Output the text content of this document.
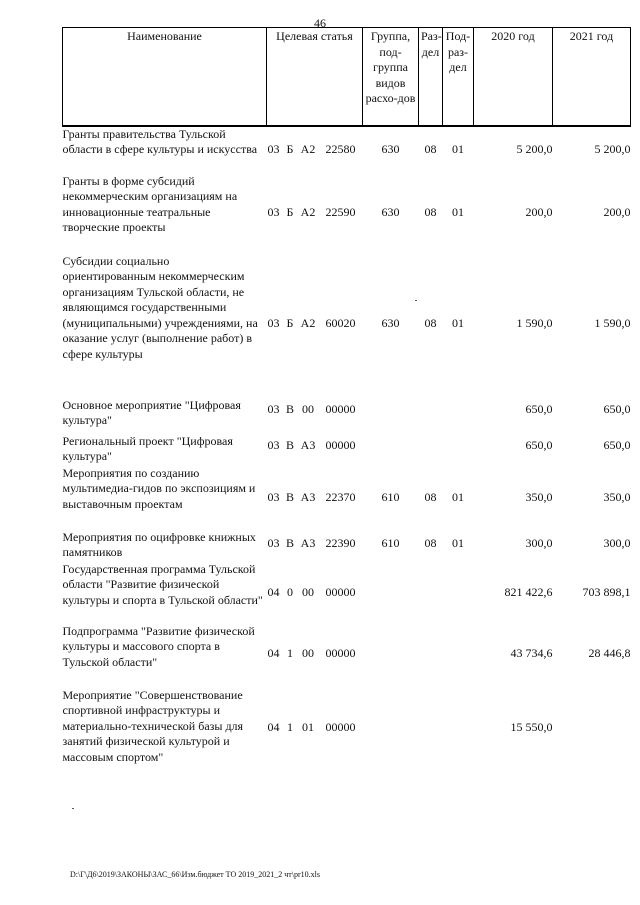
46
Наименование	Целевая статья	Группа, под-группа видов расхо-дов	Раз-дел	Под-раз-дел	2020 год	2021 год
Гранты правительства Тульской области в сфере культуры и искусства	03 Б А2 22580	630	08	01	5 200,0	5 200,0
Гранты в форме субсидий некоммерческим организациям на инновационные театральные творческие проекты	03 Б А2 22590	630	08	01	200,0	200,0
Субсидии социально ориентированным некоммерческим организациям Тульской области, не являющимся государственными (муниципальными) учреждениями, на оказание услуг (выполнение работ) в сфере культуры	03 Б А2 60020	630	08	01	1 590,0	1 590,0
Основное мероприятие "Цифровая культура"	03 В 00 00000				650,0	650,0
Региональный проект "Цифровая культура"	03 В А3 00000				650,0	650,0
Мероприятия по созданию мультимедиа-гидов по экспозициям и выставочным проектам	03 В А3 22370	610	08	01	350,0	350,0
Мероприятия по оцифровке книжных памятников	03 В А3 22390	610	08	01	300,0	300,0
Государственная программа Тульской области "Развитие физической культуры и спорта в Тульской области"	04 0 00 00000				821 422,6	703 898,1
Подпрограмма "Развитие физической культуры и массового спорта в Тульской области"	04 1 00 00000				43 734,6	28 446,8
Мероприятие "Совершенствование спортивной инфраструктуры и материально-технической базы для занятий физической культурой и массовым спортом"	04 1 01 00000				15 550,0	
D:\Г\Д6\2019\ЗАКОНЫ\ЗАС_66\Изм.бюджет ТО 2019_2021_2 чт\pr10.xls
